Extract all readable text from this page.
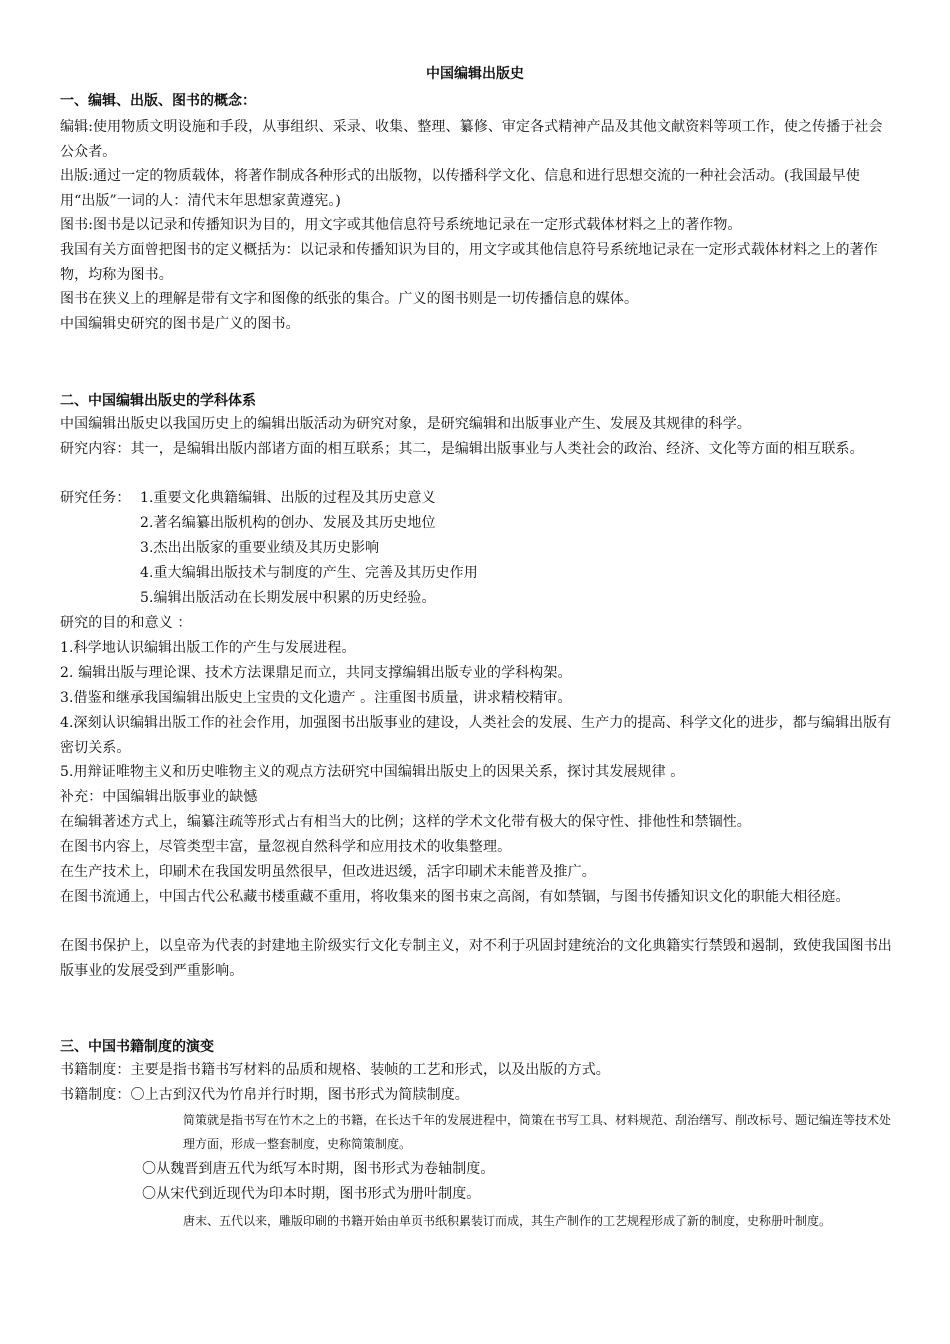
中国编辑出版史
一、编辑、出版、图书的概念：
编辑:使用物质文明设施和手段，从事组织、采录、收集、整理、纂修、审定各式精神产品及其他文献资料等项工作，使之传播于社会公众者。
出版:通过一定的物质载体，将著作制成各种形式的出版物，以传播科学文化、信息和进行思想交流的一种社会活动。(我国最早使用“出版”一词的人：清代末年思想家黄遵宪。)
图书:图书是以记录和传播知识为目的，用文字或其他信息符号系统地记录在一定形式载体材料之上的著作物。
我国有关方面曾把图书的定义概括为：以记录和传播知识为目的，用文字或其他信息符号系统地记录在一定形式载体材料之上的著作物，均称为图书。
图书在狭义上的理解是带有文字和图像的纸张的集合。广义的图书则是一切传播信息的媒体。
中国编辑史研究的图书是广义的图书。
二、中国编辑出版史的学科体系
中国编辑出版史以我国历史上的编辑出版活动为研究对象，是研究编辑和出版事业产生、发展及其规律的科学。
研究内容：其一，是编辑出版内部诸方面的相互联系；其二，是编辑出版事业与人类社会的政治、经济、文化等方面的相互联系。
研究任务： 1.重要文化典籍编辑、出版的过程及其历史意义
2.著名编纂出版机构的创办、发展及其历史地位
3.杰出出版家的重要业绩及其历史影响
4.重大编辑出版技术与制度的产生、完善及其历史作用
5.编辑出版活动在长期发展中积累的历史经验。
研究的目的和意义 ：
1.科学地认识编辑出版工作的产生与发展进程。
2. 编辑出版与理论课、技术方法课鼎足而立，共同支撑编辑出版专业的学科构架。
3.借鉴和继承我国编辑出版史上宝贵的文化遗产 。注重图书质量，讲求精校精审。
4.深刻认识编辑出版工作的社会作用，加强图书出版事业的建设，人类社会的发展、生产力的提高、科学文化的进步，都与编辑出版有密切关系。
5.用辩证唯物主义和历史唯物主义的观点方法研究中国编辑出版史上的因果关系，探讨其发展规律 。
补充：中国编辑出版事业的缺憾
在编辑著述方式上，编纂注疏等形式占有相当大的比例；这样的学术文化带有极大的保守性、排他性和禁锢性。
在图书内容上，尽管类型丰富，量忽视自然科学和应用技术的收集整理。
在生产技术上，印刷术在我国发明虽然很早，但改进迟缓，活字印刷术未能普及推广。
在图书流通上，中国古代公私藏书楼重藏不重用，将收集来的图书束之高阁，有如禁锢，与图书传播知识文化的职能大相径庭。
在图书保护上，以皇帝为代表的封建地主阶级实行文化专制主义，对不利于巩固封建统治的文化典籍实行禁毁和遏制，致使我国图书出版事业的发展受到严重影响。
三、中国书籍制度的演变
书籍制度：主要是指书籍书写材料的品质和规格、装帧的工艺和形式，以及出版的方式。
书籍制度：〇上古到汉代为竹帛并行时期，图书形式为简牍制度。
简策就是指书写在竹木之上的书籍，在长达千年的发展进程中，简策在书写工具、材料规范、刮治缮写、削改标号、题记编连等技术处理方面，形成一整套制度，史称简策制度。
〇从魏晋到唐五代为纸写本时期，图书形式为卷轴制度。
〇从宋代到近现代为印本时期，图书形式为册叶制度。
唐末、五代以来，雕版印刷的书籍开始由单页书纸积累装订而成，其生产制作的工艺规程形成了新的制度，史称册叶制度。
